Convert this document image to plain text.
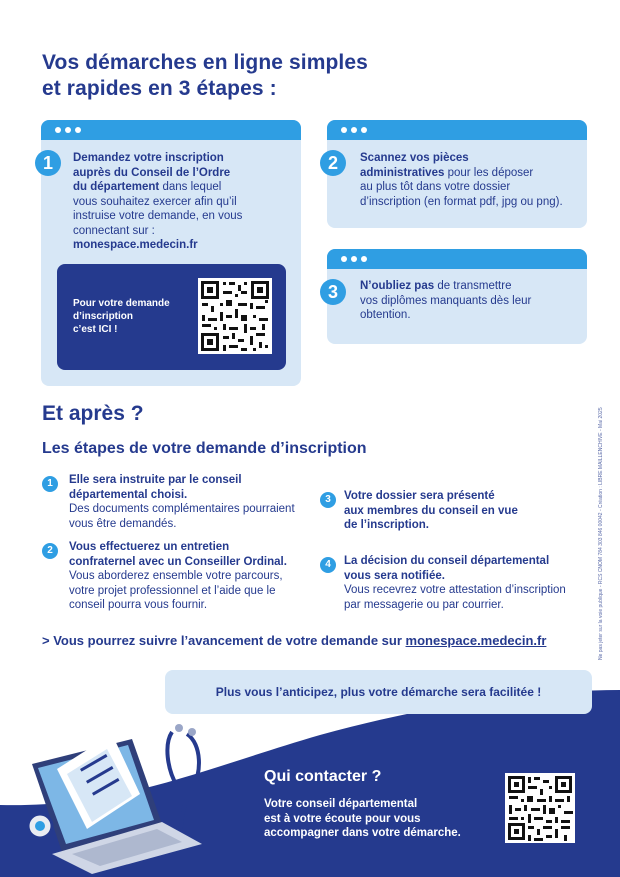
Vos démarches en ligne simples
et rapides en 3 étapes :
1	Demandez votre inscription
auprès du Conseil de l’Ordre
du département dans lequel
vous souhaitez exercer afin qu’il
instruise votre demande, en vous
connectant sur :
monespace.medecin.fr
Pour votre demande
d’inscription
c’est ICI !
2	Scannez vos pièces
administratives pour les déposer
au plus tôt dans votre dossier
d’inscription (en format pdf, jpg ou png).
3	N’oubliez pas de transmettre
vos diplômes manquants dès leur
obtention.
Et après ?
Les étapes de votre demande d’inscription
1	Elle sera instruite par le conseil
départemental choisi.
Des documents complémentaires pourraient
vous être demandés.
2	Vous effectuerez un entretien
confraternel avec un Conseiller Ordinal.
Vous aborderez ensemble votre parcours,
votre projet professionnel et l’aide que le
conseil pourra vous fournir.
3	Votre dossier sera présenté
aux membres du conseil en vue
de l’inscription.
4	La décision du conseil départemental
vous sera notifiée.
Vous recevrez votre attestation d’inscription
par messagerie ou par courrier.
> Vous pourrez suivre l’avancement de votre demande sur monespace.medecin.fr
Plus vous l’anticipez, plus votre démarche sera facilitée !
Qui contacter ?
Votre conseil départemental
est à votre écoute pour vous
accompagner dans votre démarche.
Ne pas jeter sur la voie publique - RCS CNOM 784 303 846 00042 - Création : LIBRE MAILLENCHIVE - Mai 2025
